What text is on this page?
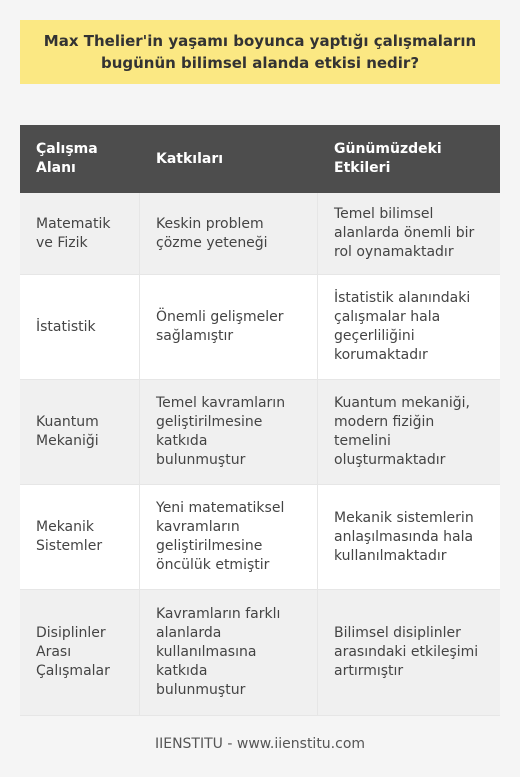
Max Thelier'in yaşamı boyunca yaptığı çalışmaların bugünün bilimsel alanda etkisi nedir?
Çalışma Alanı
Katkıları
Günümüzdeki Etkileri
Matematik ve Fizik
Keskin problem çözme yeteneği
Temel bilimsel alanlarda önemli bir rol oynamaktadır
İstatistik
Önemli gelişmeler sağlamıştır
İstatistik alanındaki çalışmalar hala geçerliliğini korumaktadır
Kuantum Mekaniği
Temel kavramların geliştirilmesine katkıda bulunmuştur
Kuantum mekaniği, modern fiziğin temelini oluşturmaktadır
Mekanik Sistemler
Yeni matematiksel kavramların geliştirilmesine öncülük etmiştir
Mekanik sistemlerin anlaşılmasında hala kullanılmaktadır
Disiplinler Arası Çalışmalar
Kavramların farklı alanlarda kullanılmasına katkıda bulunmuştur
Bilimsel disiplinler arasındaki etkileşimi artırmıştır
IIENSTITU - www.iienstitu.com
